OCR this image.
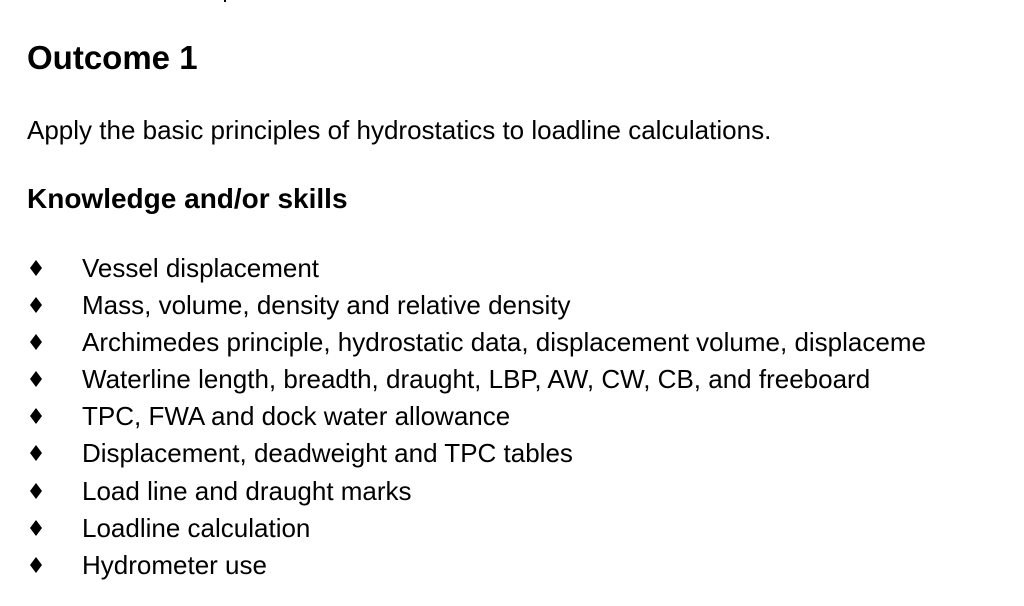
Outcome 1

Apply the basic principles of hydrostatics to loadline calculations.

Knowledge and/or skills
Vessel displacement
Mass, volume, density and relative density
Archimedes principle, hydrostatic data, displacement volume, displaceme
Waterline length, breadth, draught, LBP, AW, CW, CB, and freeboard
TPC, FWA and dock water allowance
Displacement, deadweight and TPC tables
Load line and draught marks
Loadline calculation
Hydrometer use
